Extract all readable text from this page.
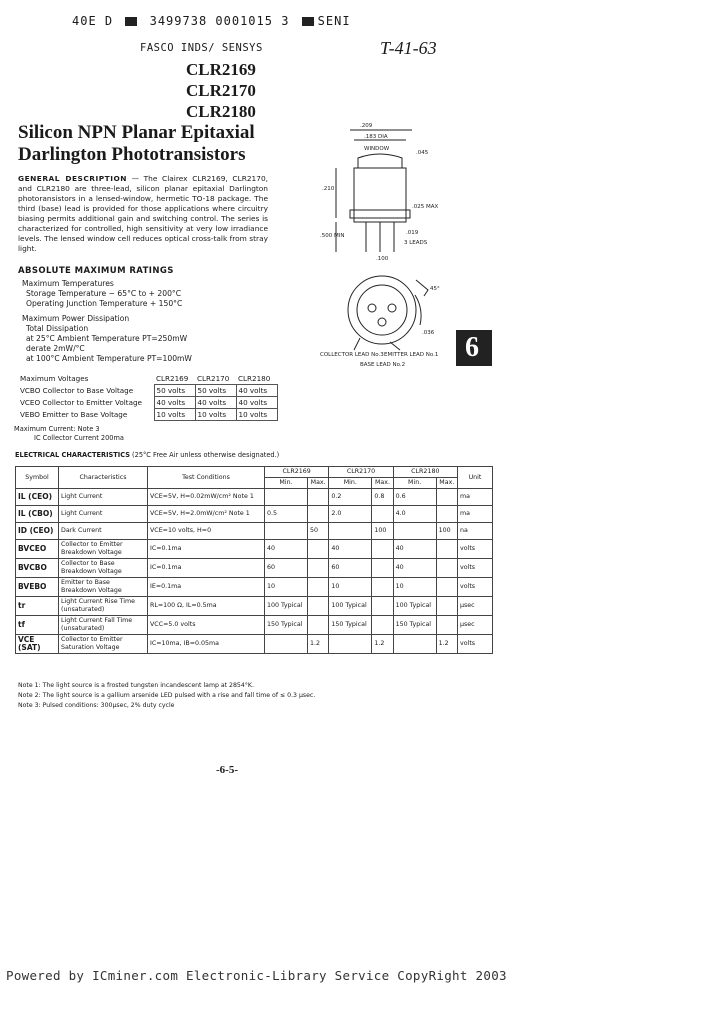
40E D	3499738 0001015 3 SENI
FASCO INDS/ SENSYS	T-41-63
CLR2169
CLR2170
CLR2180
Silicon NPN Planar Epitaxial
Darlington Phototransistors
GENERAL DESCRIPTION — The Clairex CLR2169, CLR2170, and CLR2180 are three-lead, silicon planar epitaxial Darlington photoransistors in a lensed-window, hermetic TO-18 package. The third (base) lead is provided for those applications where circuitry biasing permits additional gain and switching control. The series is characterized for controlled, high sensitivity at very low irradiance levels. The lensed window cell reduces optical cross-talk from stray light.
ABSOLUTE MAXIMUM RATINGS
Maximum Temperatures
Storage Temperature − 65°C to + 200°C
Operating Junction Temperature + 150°C
Maximum Power Dissipation
Total Dissipation
at 25°C Ambient Temperature PT=250mW
derate 2mW/°C
at 100°C Ambient Temperature PT=100mW
Maximum Voltages	CLR2169	CLR2170	CLR2180
VCBO Collector to Base Voltage	50 volts	50 volts	40 volts
VCEO Collector to Emitter Voltage	40 volts	40 volts	40 volts
VEBO Emitter to Base Voltage	10 volts	10 volts	10 volts
Maximum Current: Note 3
IC Collector Current 200ma
ELECTRICAL CHARACTERISTICS (25°C Free Air unless otherwise designated.)
Symbol	Characteristics	Test Conditions	CLR2169		CLR2170		CLR2180		Unit
			Min.	Max.	Min.	Max.	Min.	Max.	
IL (CEO)	Light Current	VCE=5V, H=0.02mW/cm² Note 1			0.2	0.8	0.6		ma
IL (CBO)	Light Current	VCE=5V, H=2.0mW/cm² Note 1	0.5		2.0		4.0		ma
ID (CEO)	Dark Current	VCE=10 volts, H=0		50		100		100	na
BVCEO	Collector to Emitter Breakdown Voltage	IC=0.1ma	40		40		40		volts
BVCBO	Collector to Base Breakdown Voltage	IC=0.1ma	60		60		40		volts
BVEBO	Emitter to Base Breakdown Voltage	IE=0.1ma	10		10		10		volts
tr	Light Current Rise Time (unsaturated)	RL=100 Ω, IL=0.5ma	100 Typical		100 Typical		100 Typical		µsec
tf	Light Current Fall Time (unsaturated)	VCC=5.0 volts	150 Typical		150 Typical		150 Typical		µsec
VCE (SAT)	Collector to Emitter Saturation Voltage	IC=10ma, IB=0.05ma		1.2		1.2		1.2	volts
Note 1: The light source is a frosted tungsten incandescent lamp at 2854°K.
Note 2: The light source is a gallium arsenide LED pulsed with a rise and fall time of ≤ 0.3 µsec.
Note 3: Pulsed conditions: 300µsec, 2% duty cycle
.209
.183 DIA
WINDOW
.045
.210
.025 MAX
.500 MIN	.019
3 LEADS
.100
45°
.036
COLLECTOR LEAD No.3 EMITTER LEAD No.1
BASE LEAD No.2
6
-6-5-
Powered by ICminer.com Electronic-Library Service CopyRight 2003
